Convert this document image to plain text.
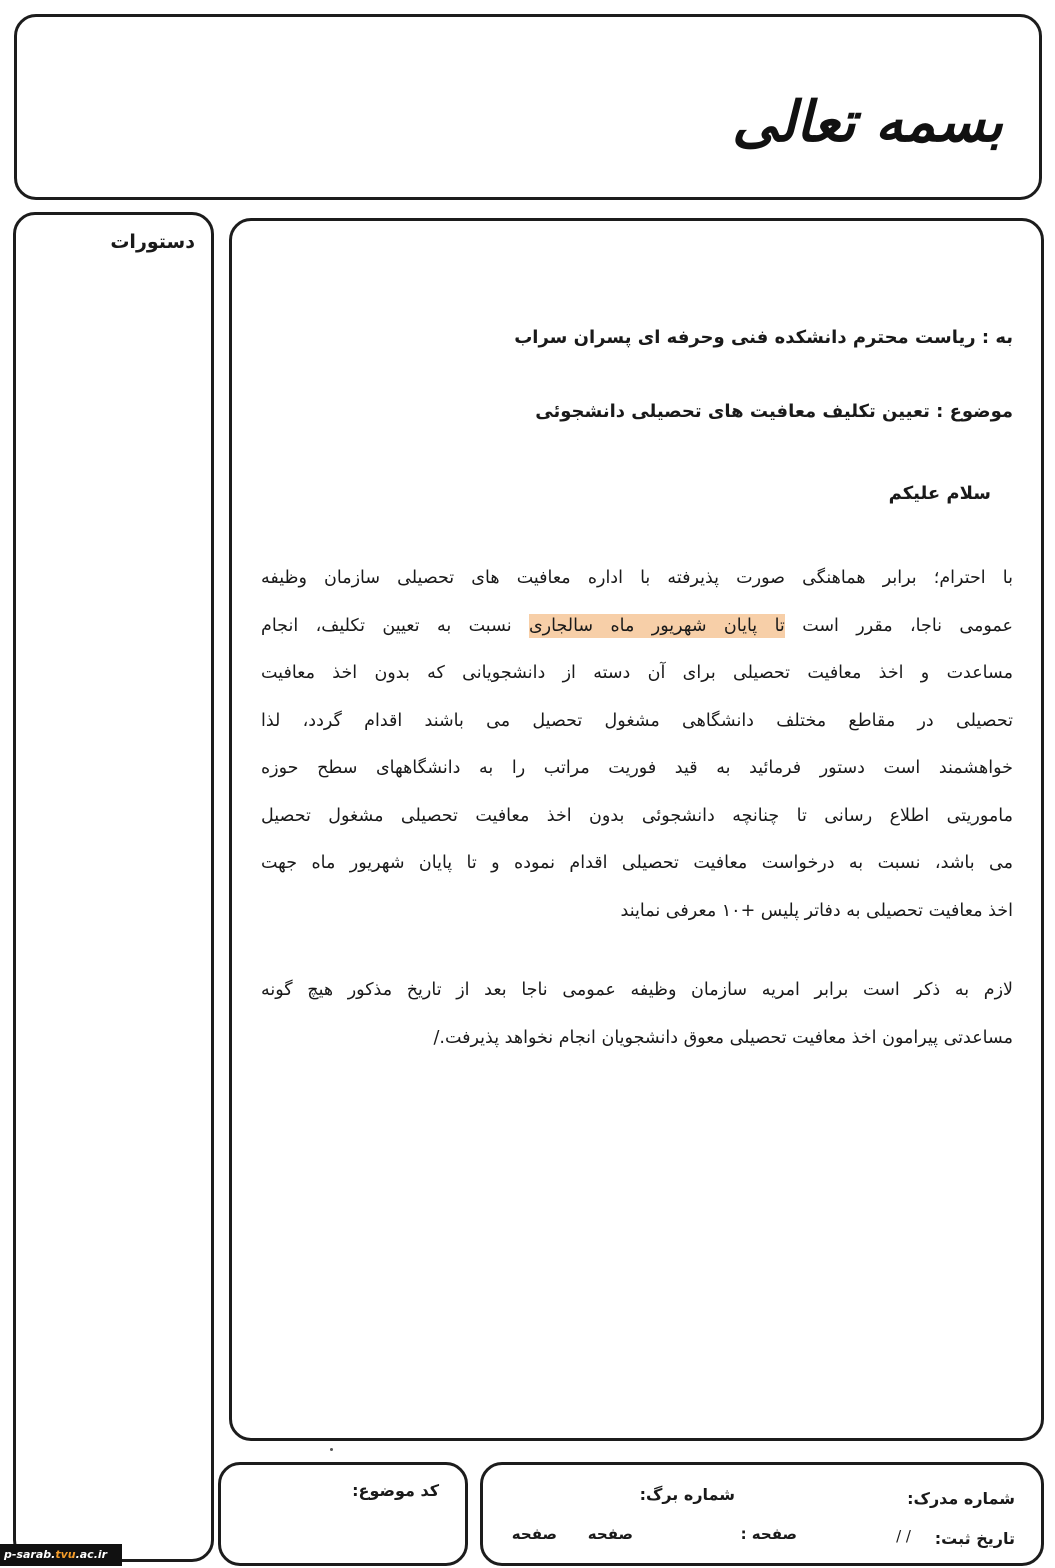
بسمه تعالی
دستورات
به : ریاست محترم دانشکده فنی وحرفه ای پسران سراب
موضوع : تعیین تکلیف معافیت های تحصیلی دانشجوئی
سلام علیکم
با احترام؛ برابر هماهنگی صورت پذیرفته با اداره معافیت های تحصیلی سازمان وظیفه
عمومی ناجا، مقرر است تا پایان شهریور ماه سالجاری نسبت به تعیین تکلیف، انجام
مساعدت و اخذ معافیت تحصیلی برای آن دسته از دانشجویانی که بدون اخذ معافیت
تحصیلی در مقاطع مختلف دانشگاهی مشغول تحصیل می باشند اقدام گردد، لذا
خواهشمند است دستور فرمائید به قید فوریت مراتب را به دانشگاههای سطح حوزه
ماموریتی اطلاع رسانی تا چنانچه دانشجوئی بدون اخذ معافیت تحصیلی مشغول تحصیل
می باشد، نسبت به درخواست معافیت تحصیلی اقدام نموده و تا پایان شهریور ماه جهت
اخذ معافیت تحصیلی به دفاتر پلیس +۱۰ معرفی نمایند
لازم به ذکر است برابر امریه سازمان وظیفه عمومی ناجا بعد از تاریخ مذکور هیچ گونه
مساعدتی پیرامون اخذ معافیت تحصیلی معوق دانشجویان انجام نخواهد پذیرفت./
کد موضوع:	شماره مدرک:
شماره برگ:
تاریخ ثبت:
/ /
صفحه :
صفحه
صفحه
p-sarab.tvu.ac.ir
